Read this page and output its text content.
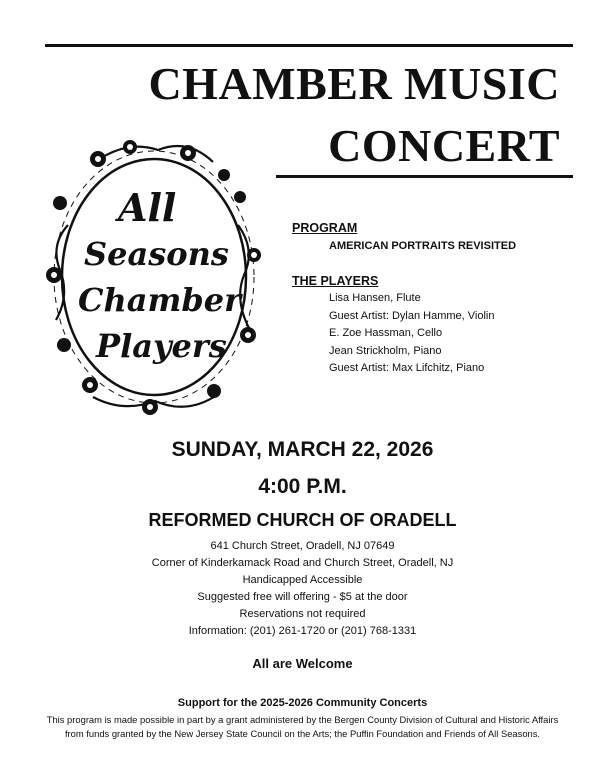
CHAMBER MUSIC
CONCERT
All
Seasons
Chamber
Players
PROGRAM
AMERICAN PORTRAITS REVISITED
THE PLAYERS
Lisa Hansen, Flute
Guest Artist: Dylan Hamme, Violin
E. Zoe Hassman, Cello
Jean Strickholm, Piano
Guest Artist: Max Lifchitz, Piano
SUNDAY, MARCH 22, 2026
4:00 P.M.
REFORMED CHURCH OF ORADELL
641 Church Street, Oradell, NJ 07649
Corner of Kinderkamack Road and Church Street, Oradell, NJ
Handicapped Accessible
Suggested free will offering - $5 at the door
Reservations not required
Information: (201) 261-1720 or (201) 768-1331
All are Welcome
Support for the 2025-2026 Community Concerts
This program is made possible in part by a grant administered by the Bergen County Division of Cultural and Historic Affairs
from funds granted by the New Jersey State Council on the Arts; the Puffin Foundation and Friends of All Seasons.
